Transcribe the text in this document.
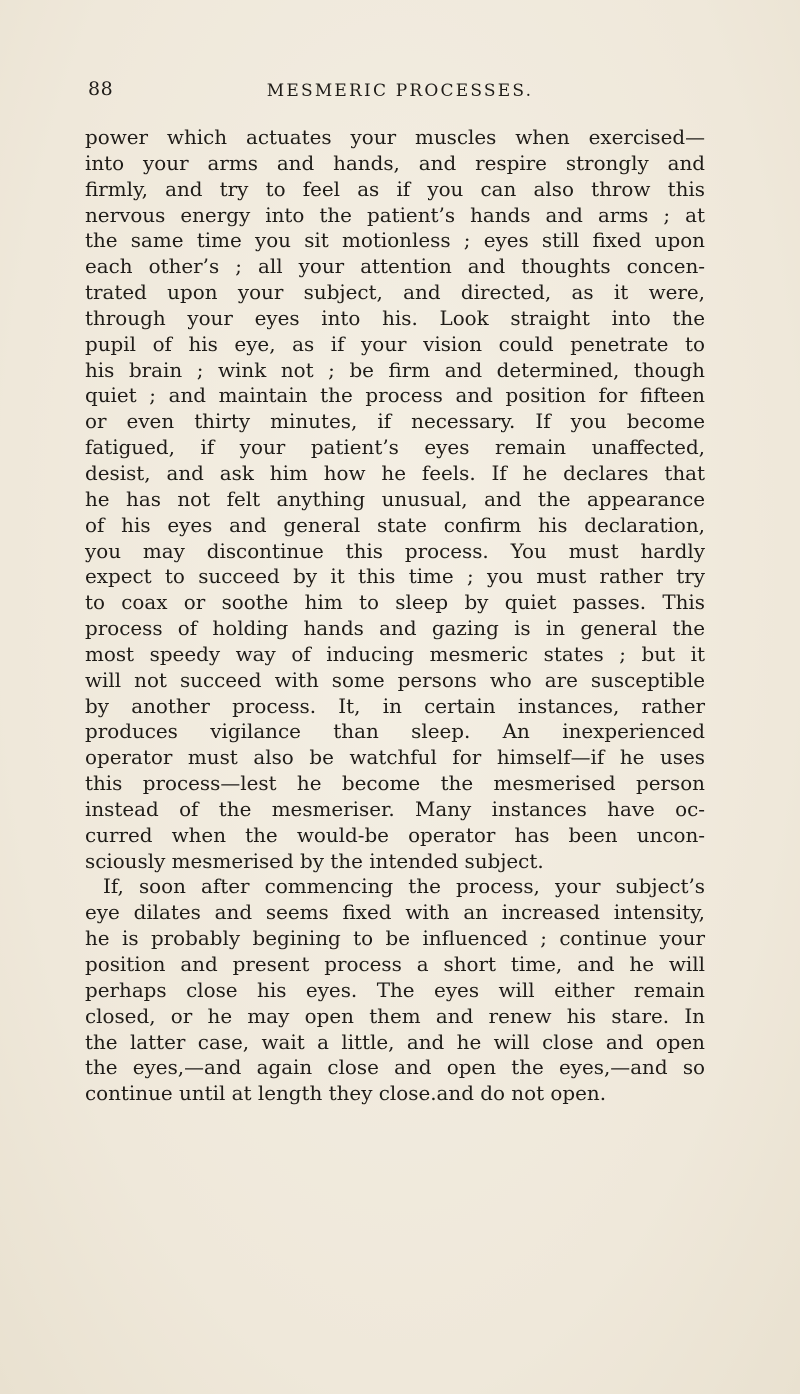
88	MESMERIC PROCESSES.
power which actuates your muscles when exercised—
into your arms and hands, and respire strongly and
firmly, and try to feel as if you can also throw this
nervous energy into the patient’s hands and arms ; at
the same time you sit motionless ; eyes still fixed upon
each other’s ; all your attention and thoughts concen-
trated upon your subject, and directed, as it were,
through your eyes into his. Look straight into the
pupil of his eye, as if your vision could penetrate to
his brain ; wink not ; be firm and determined, though
quiet ; and maintain the process and position for fifteen
or even thirty minutes, if necessary. If you become
fatigued, if your patient’s eyes remain unaffected,
desist, and ask him how he feels. If he declares that
he has not felt anything unusual, and the appearance
of his eyes and general state confirm his declaration,
you may discontinue this process. You must hardly
expect to succeed by it this time ; you must rather try
to coax or soothe him to sleep by quiet passes. This
process of holding hands and gazing is in general the
most speedy way of inducing mesmeric states ; but it
will not succeed with some persons who are susceptible
by another process. It, in certain instances, rather
produces vigilance than sleep. An inexperienced
operator must also be watchful for himself—if he uses
this process—lest he become the mesmerised person
instead of the mesmeriser. Many instances have oc-
curred when the would-be operator has been uncon-
sciously mesmerised by the intended subject.
If, soon after commencing the process, your subject’s
eye dilates and seems fixed with an increased intensity,
he is probably begining to be influenced ; continue your
position and present process a short time, and he will
perhaps close his eyes. The eyes will either remain
closed, or he may open them and renew his stare. In
the latter case, wait a little, and he will close and open
the eyes,—and again close and open the eyes,—and so
continue until at length they close.and do not open.
